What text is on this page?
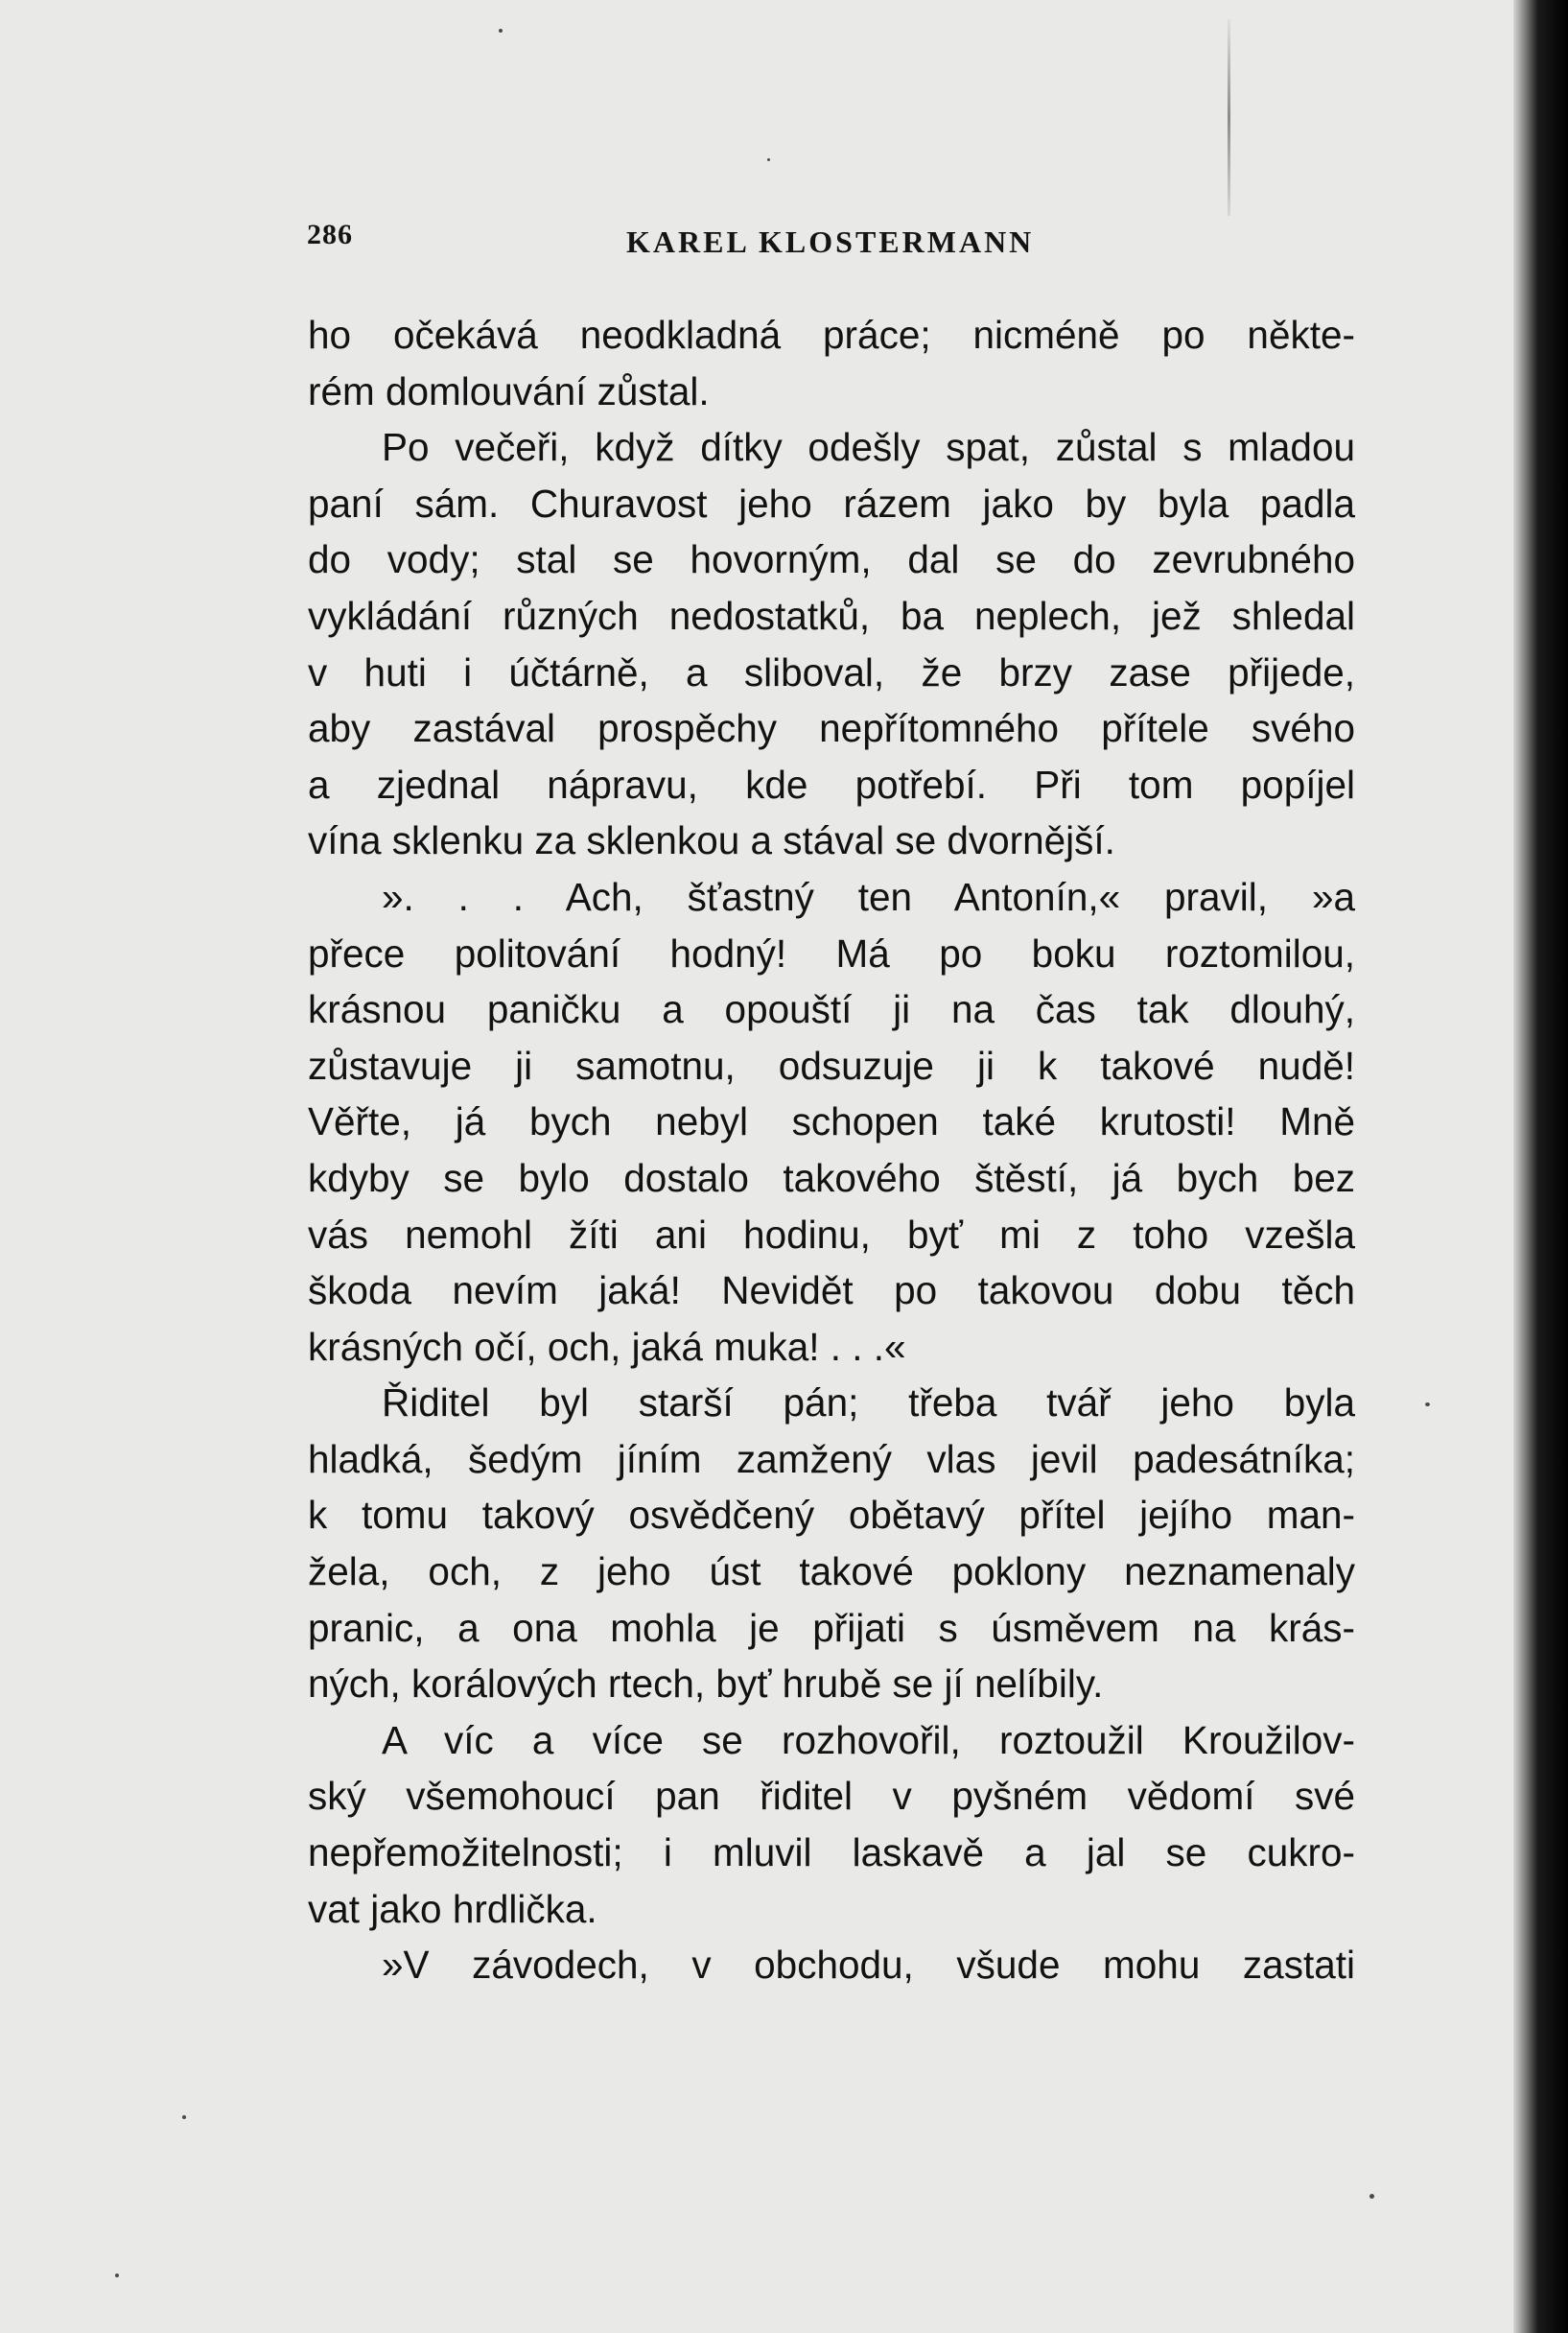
286	KAREL KLOSTERMANN
ho očekává neodkladná práce; nicméně po někte-
rém domlouvání zůstal.
Po večeři, když dítky odešly spat, zůstal s mladou
paní sám. Churavost jeho rázem jako by byla padla
do vody; stal se hovorným, dal se do zevrubného
vykládání různých nedostatků, ba neplech, jež shledal
v huti i účtárně, a sliboval, že brzy zase přijede,
aby zastával prospěchy nepřítomného přítele svého
a zjednal nápravu, kde potřebí. Při tom popíjel
vína sklenku za sklenkou a stával se dvornější.
». . . Ach, šťastný ten Antonín,« pravil, »a
přece politování hodný! Má po boku roztomilou,
krásnou paničku a opouští ji na čas tak dlouhý,
zůstavuje ji samotnu, odsuzuje ji k takové nudě!
Věřte, já bych nebyl schopen také krutosti! Mně
kdyby se bylo dostalo takového štěstí, já bych bez
vás nemohl žíti ani hodinu, byť mi z toho vzešla
škoda nevím jaká! Nevidět po takovou dobu těch
krásných očí, och, jaká muka! . . .«
Řiditel byl starší pán; třeba tvář jeho byla
hladká, šedým jíním zamžený vlas jevil padesátníka;
k tomu takový osvědčený obětavý přítel jejího man-
žela, och, z jeho úst takové poklony neznamenaly
pranic, a ona mohla je přijati s úsměvem na krás-
ných, korálových rtech, byť hrubě se jí nelíbily.
A víc a více se rozhovořil, roztoužil Kroužilov-
ský všemohoucí pan řiditel v pyšném vědomí své
nepřemožitelnosti; i mluvil laskavě a jal se cukro-
vat jako hrdlička.
»V závodech, v obchodu, všude mohu zastati
